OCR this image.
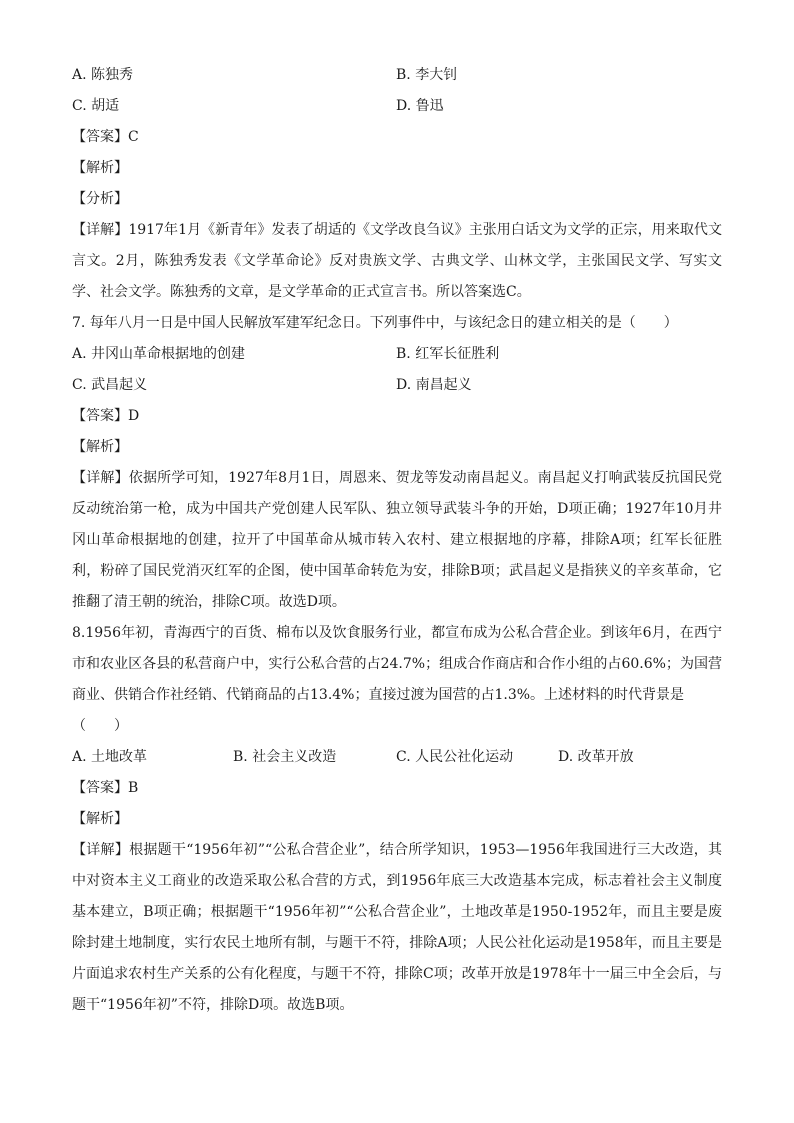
A. 陈独秀	B. 李大钊
C. 胡适	D. 鲁迅
【答案】C
【解析】
【分析】
【详解】1917年1月《新青年》发表了胡适的《文学改良刍议》主张用白话文为文学的正宗，用来取代文言文。2月，陈独秀发表《文学革命论》反对贵族文学、古典文学、山林文学，主张国民文学、写实文学、社会文学。陈独秀的文章，是文学革命的正式宣言书。所以答案选C。
7. 每年八月一日是中国人民解放军建军纪念日。下列事件中，与该纪念日的建立相关的是（　　）
A. 井冈山革命根据地的创建	B. 红军长征胜利
C. 武昌起义	D. 南昌起义
【答案】D
【解析】
【详解】依据所学可知，1927年8月1日，周恩来、贺龙等发动南昌起义。南昌起义打响武装反抗国民党反动统治第一枪，成为中国共产党创建人民军队、独立领导武装斗争的开始，D项正确；1927年10月井冈山革命根据地的创建，拉开了中国革命从城市转入农村、建立根据地的序幕，排除A项；红军长征胜利，粉碎了国民党消灭红军的企图，使中国革命转危为安，排除B项；武昌起义是指狭义的辛亥革命，它推翻了清王朝的统治，排除C项。故选D项。
8.1956年初，青海西宁的百货、棉布以及饮食服务行业，都宣布成为公私合营企业。到该年6月，在西宁市和农业区各县的私营商户中，实行公私合营的占24.7%；组成合作商店和合作小组的占60.6%；为国营商业、供销合作社经销、代销商品的占13.4%；直接过渡为国营的占1.3%。上述材料的时代背景是
（　　）
A. 土地改革	B. 社会主义改造	C. 人民公社化运动	D. 改革开放
【答案】B
【解析】
【详解】根据题干“1956年初”“公私合营企业”，结合所学知识，1953—1956年我国进行三大改造，其中对资本主义工商业的改造采取公私合营的方式，到1956年底三大改造基本完成，标志着社会主义制度基本建立，B项正确；根据题干“1956年初”“公私合营企业”，土地改革是1950-1952年，而且主要是废除封建土地制度，实行农民土地所有制，与题干不符，排除A项；人民公社化运动是1958年，而且主要是片面追求农村生产关系的公有化程度，与题干不符，排除C项；改革开放是1978年十一届三中全会后，与题干“1956年初”不符，排除D项。故选B项。
